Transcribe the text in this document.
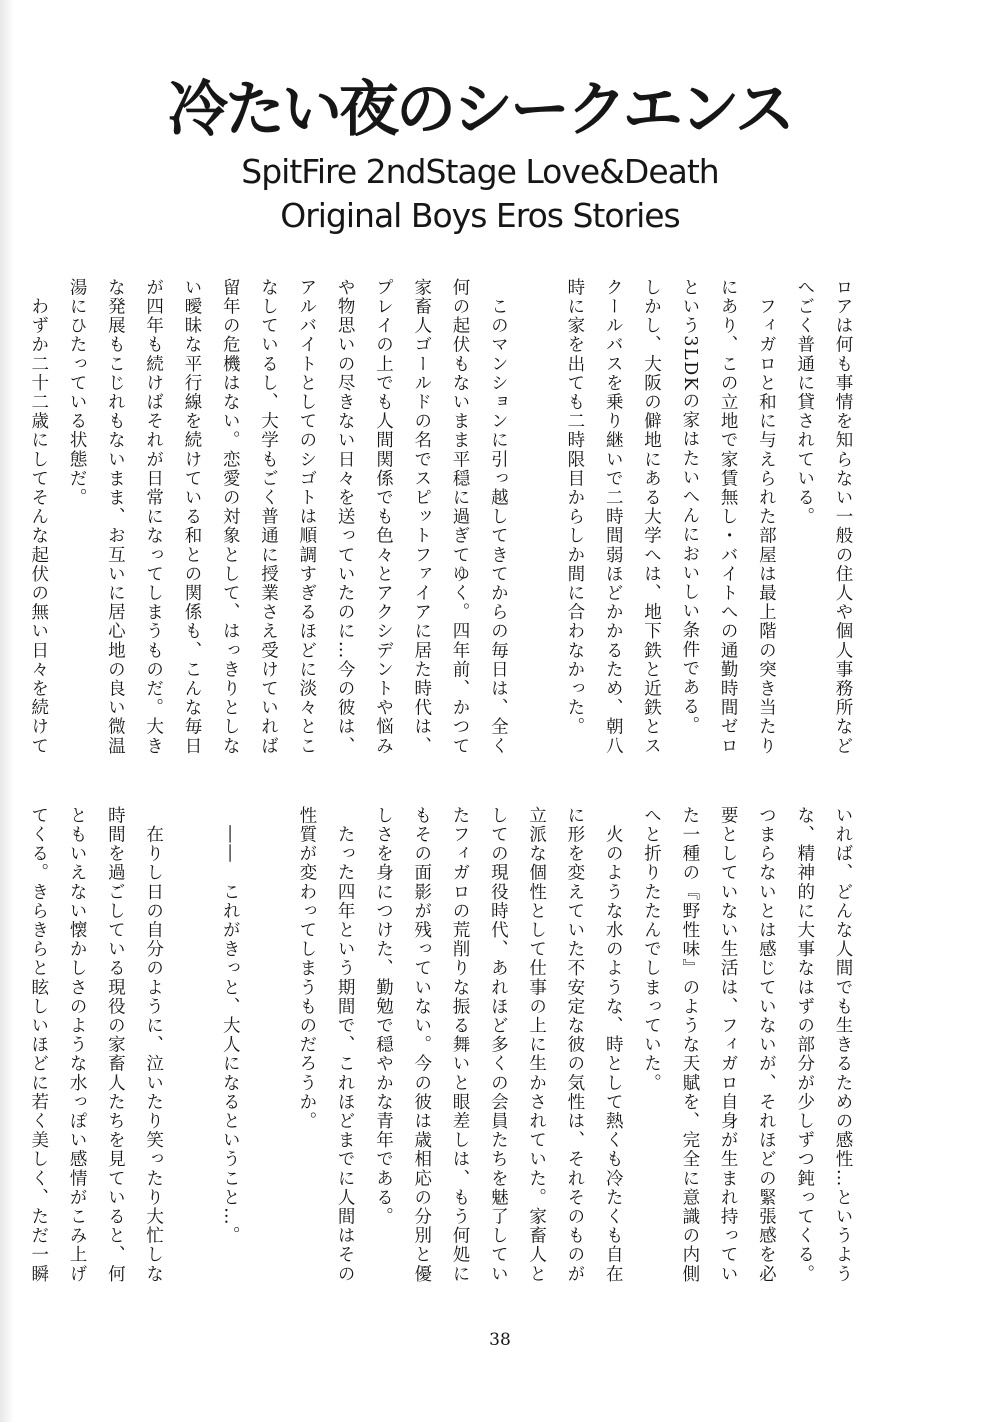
冷たい夜のシークエンス
SpitFire 2ndStage Love&Death
Original Boys Eros Stories
ロアは何も事情を知らない一般の住人や個人事務所など
へごく普通に貸されている。
　フィガロと和に与えられた部屋は最上階の突き当たり
にあり、この立地で家賃無し・バイトへの通勤時間ゼロ
という3LDKの家はたいへんにおいしい条件である。
しかし、大阪の僻地にある大学へは、地下鉄と近鉄とス
クールバスを乗り継いで二時間弱ほどかかるため、朝八
時に家を出ても二時限目からしか間に合わなかった。

　このマンションに引っ越してきてからの毎日は、全く
何の起伏もないまま平穏に過ぎてゆく。四年前、かつて
家畜人ゴールドの名でスピットファイアに居た時代は、
プレイの上でも人間関係でも色々とアクシデントや悩み
や物思いの尽きない日々を送っていたのに…今の彼は、
アルバイトとしてのシゴトは順調すぎるほどに淡々とこ
なしているし、大学もごく普通に授業さえ受けていれば
留年の危機はない。恋愛の対象として、はっきりとしな
い曖昧な平行線を続けている和との関係も、こんな毎日
が四年も続けばそれが日常になってしまうものだ。大き
な発展もこじれもないまま、お互いに居心地の良い微温
湯にひたっている状態だ。
　わずか二十二歳にしてそんな起伏の無い日々を続けて
いれば、どんな人間でも生きるための感性…というよう
な、精神的に大事なはずの部分が少しずつ鈍ってくる。
つまらないとは感じていないが、それほどの緊張感を必
要としていない生活は、フィガロ自身が生まれ持ってい
た一種の『野性味』のような天賦を、完全に意識の内側
へと折りたたんでしまっていた。
　火のような水のような、時として熱くも冷たくも自在
に形を変えていた不安定な彼の気性は、それそのものが
立派な個性として仕事の上に生かされていた。家畜人と
しての現役時代、あれほど多くの会員たちを魅了してい
たフィガロの荒削りな振る舞いと眼差しは、もう何処に
もその面影が残っていない。今の彼は歳相応の分別と優
しさを身につけた、勤勉で穏やかな青年である。
　たった四年という期間で、これほどまでに人間はその
性質が変わってしまうものだろうか。

　――　これがきっと、大人になるということ…。

　在りし日の自分のように、泣いたり笑ったり大忙しな
時間を過ごしている現役の家畜人たちを見ていると、何
ともいえない懐かしさのような水っぽい感情がこみ上げ
てくる。きらきらと眩しいほどに若く美しく、ただ一瞬
38
